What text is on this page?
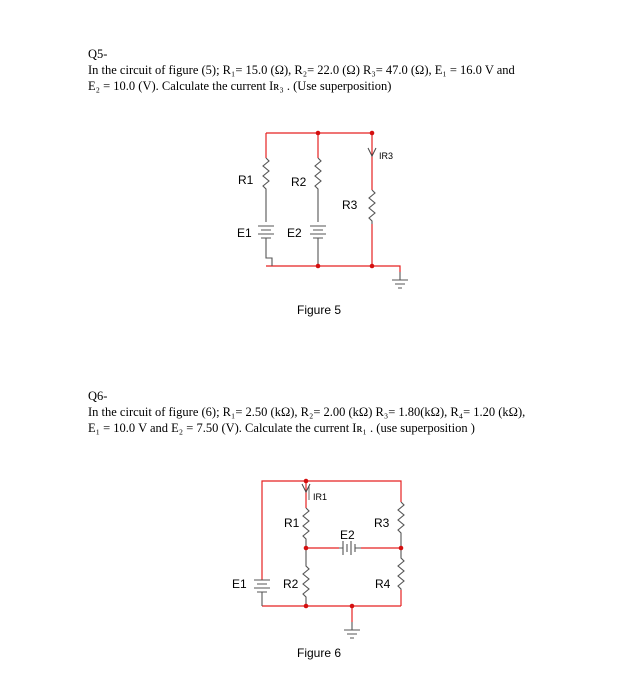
Q5-

In the circuit of figure (5); R₁= 15.0 (Ω), R₂= 22.0 (Ω) R₃= 47.0 (Ω), E₁ = 16.0 V and

E₂ = 10.0 (V). Calculate the current Iʀ₃ . (Use superposition)

R1	R2
R3
E1	E2
IR3
Figure 5

Q6-

In the circuit of figure (6); R₁= 2.50 (kΩ), R₂= 2.00 (kΩ) R₃= 1.80(kΩ), R₄= 1.20 (kΩ),

E₁ = 10.0 V and E₂ = 7.50 (V). Calculate the current Iʀ₁ . (use superposition )

R1	R3
E2
E1	R2	R4
IR1
Figure 6
